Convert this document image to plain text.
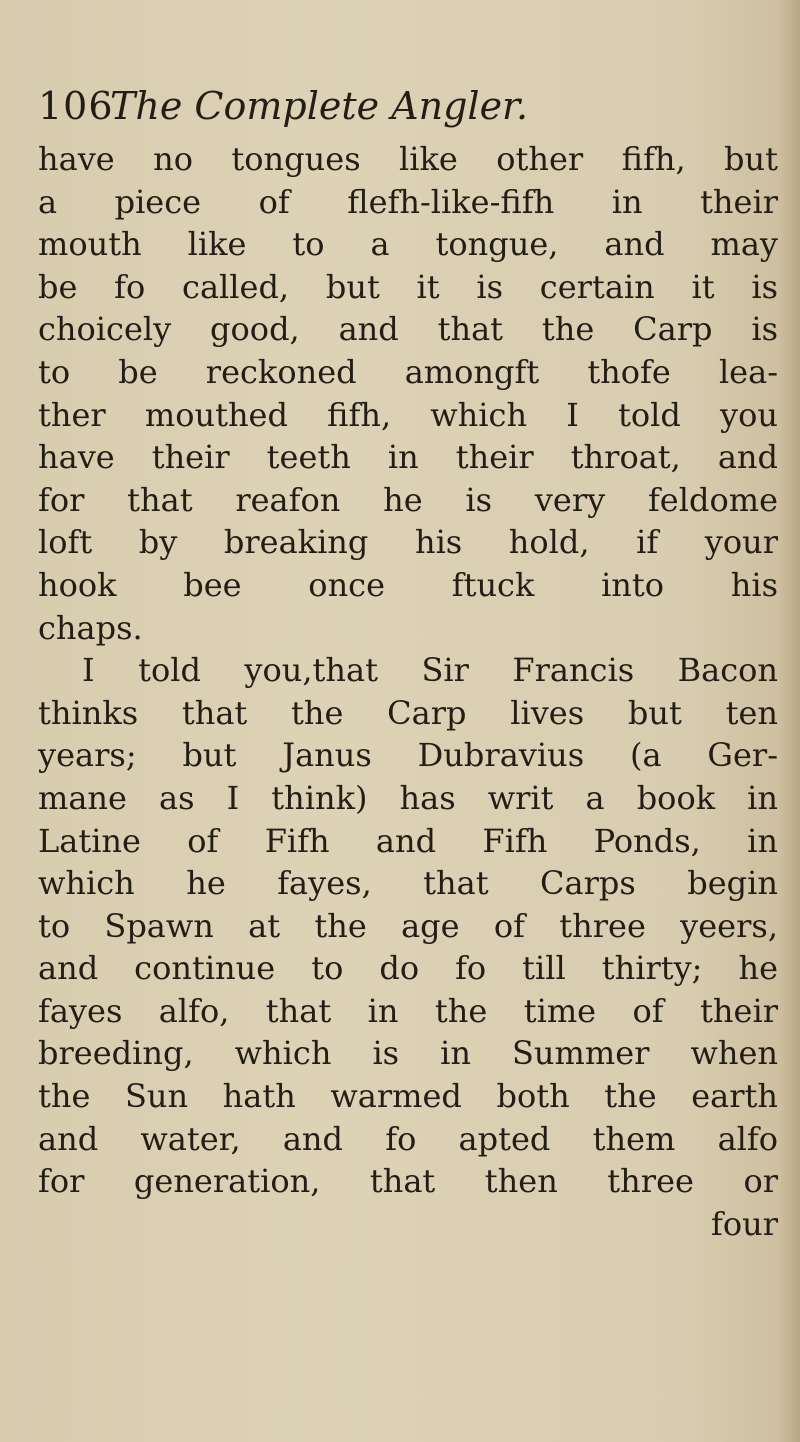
106
The Complete Angler.
have no tongues like other fifh, but
a piece of flefh-like-fifh in their
mouth like to a tongue, and may
be fo called, but it is certain it is
choicely good, and that the Carp is
to be reckoned amongft thofe lea-
ther mouthed fifh, which I told you
have their teeth in their throat, and
for that reafon he is very feldome
loft by breaking his hold, if your
hook bee once ftuck into his
chaps.
I told you,that Sir Francis Bacon
thinks that the Carp lives but ten
years; but Janus Dubravius (a Ger-
mane as I think) has writ a book in
Latine of Fifh and Fifh Ponds, in
which he fayes, that Carps begin
to Spawn at the age of three yeers,
and continue to do fo till thirty; he
fayes alfo, that in the time of their
breeding, which is in Summer when
the Sun hath warmed both the earth
and water, and fo apted them alfo
for generation, that then three or
four
